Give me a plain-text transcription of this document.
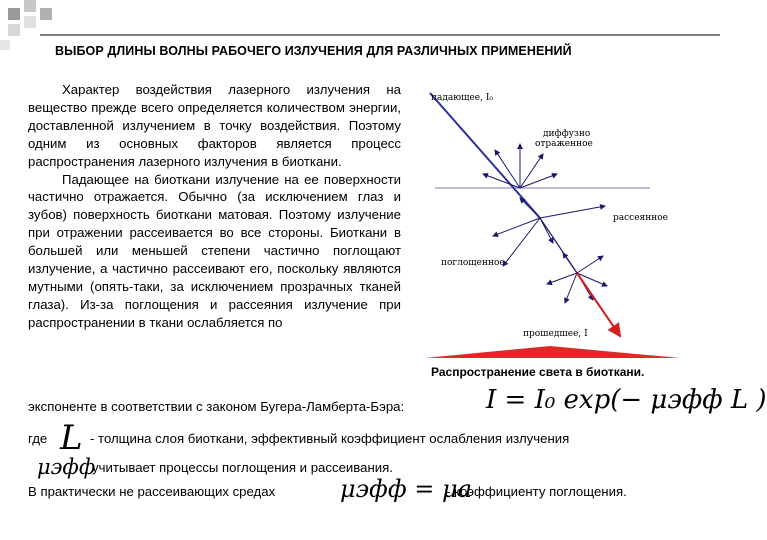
ВЫБОР ДЛИНЫ ВОЛНЫ РАБОЧЕГО ИЗЛУЧЕНИЯ ДЛЯ РАЗЛИЧНЫХ ПРИМЕНЕНИЙ

Характер воздействия лазерного излучения на вещество прежде всего определяется количеством энергии, доставленной излучением в точку воздействия. Поэтому одним из основных факторов является процесс распространения лазерного излучения в биоткани.

Падающее на биоткани излучение на ее поверхности частично отражается. Обычно (за исключением глаз и зубов) поверхность биоткани матовая. Поэтому излучение при отражении рассеивается во все стороны. Биоткани в большей или меньшей степени частично поглощают излучение, а частично рассеивают его, поскольку являются мутными (опять-таки, за исключением прозрачных тканей глаза). Из-за поглощения и рассеяния излучение при распространении в ткани ослабляется по

падающее, I₀
диффузно
отраженное
рассеянное
поглощенное
прошедшее, I
Распространение света в биоткани.
экспоненте в соответствии с законом Бугера-Ламберта-Бэра:	I = I₀ exp(− μэфф L )
где L - толщина слоя биоткани, эффективный коэффициент ослабления излучения
μэфф
учитывает процессы поглощения и рассеивания.
В практически не рассеивающих средах	μэфф = μa
- коэффициенту поглощения.
